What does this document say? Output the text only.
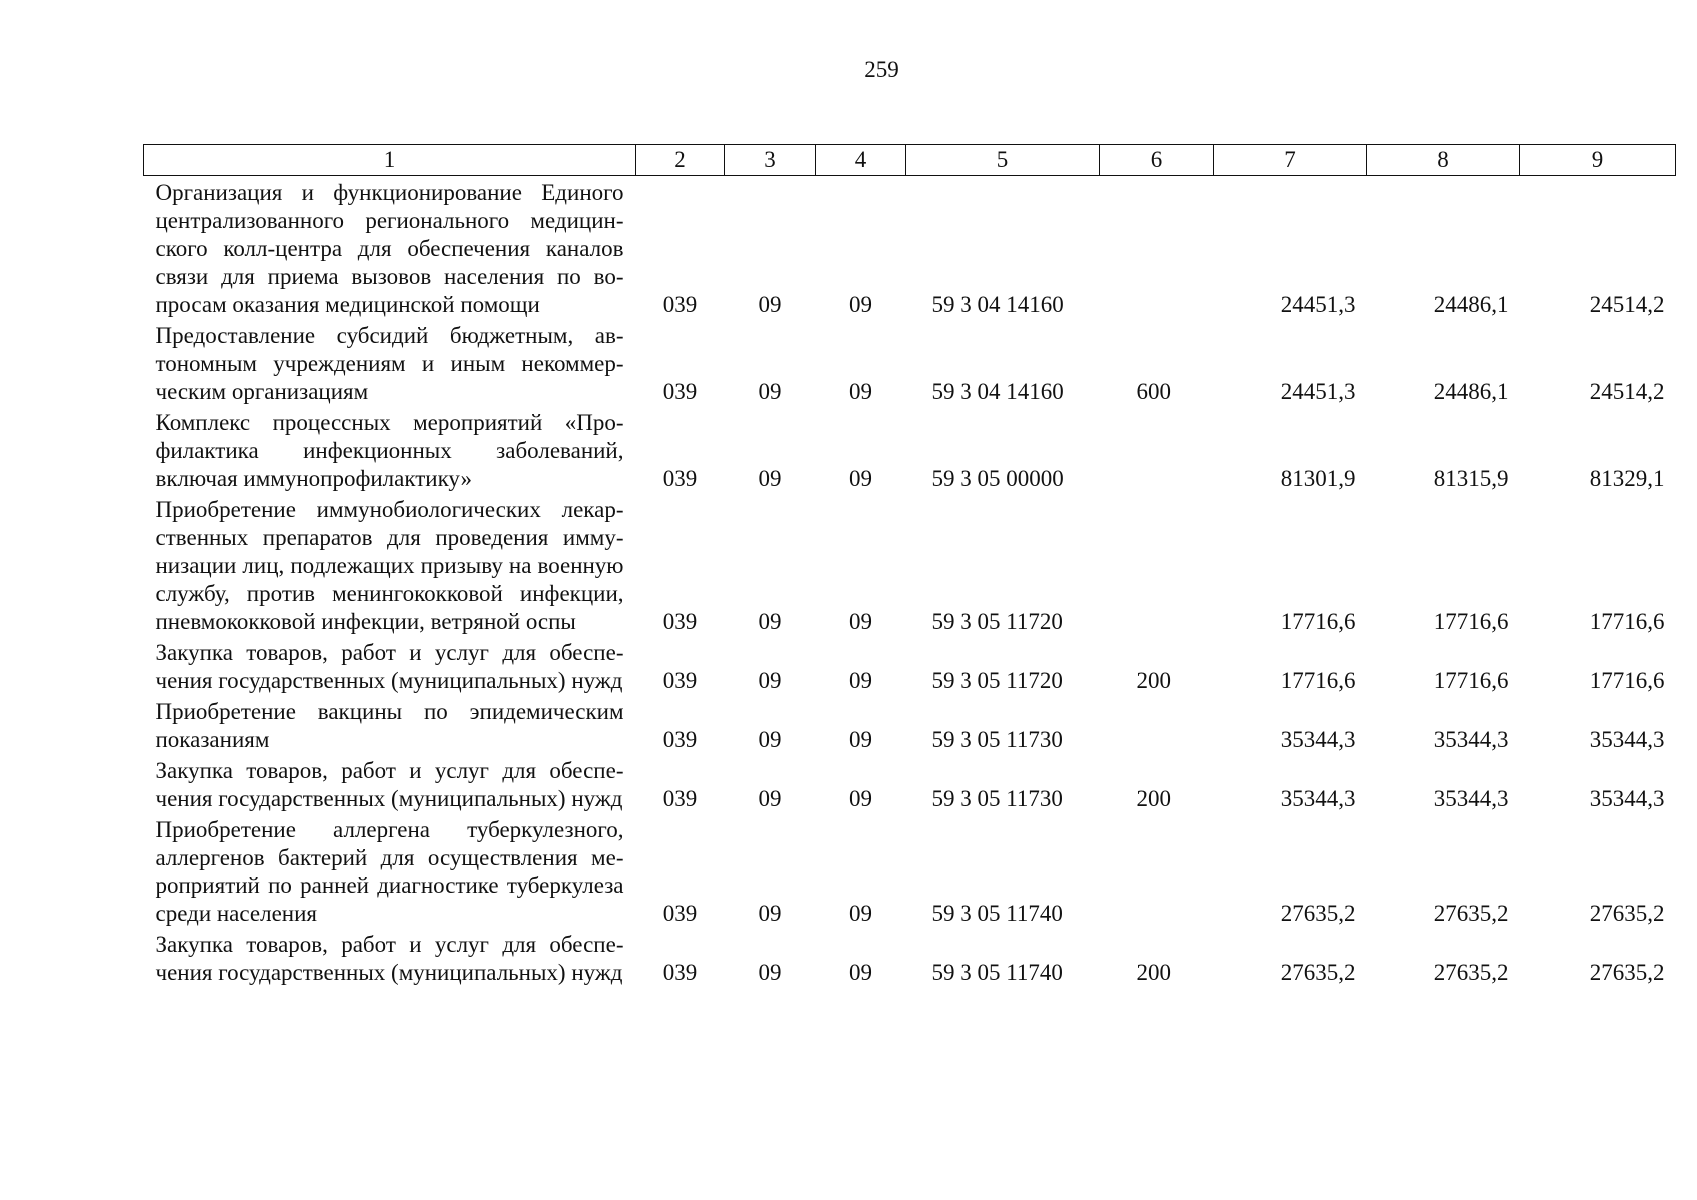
259
1	2	3	4	5	6	7	8	9
Организация и функционирование Единого централизованного регионального медицинского колл-центра для обеспечения каналов связи для приема вызовов населения по вопросам оказания медицинской помощи	039	09	09	59 3 04 14160		24451,3	24486,1	24514,2
Предоставление субсидий бюджетным, автономным учреждениям и иным некоммерческим организациям	039	09	09	59 3 04 14160	600	24451,3	24486,1	24514,2
Комплекс процессных мероприятий «Профилактика инфекционных заболеваний, включая иммунопрофилактику»	039	09	09	59 3 05 00000		81301,9	81315,9	81329,1
Приобретение иммунобиологических лекарственных препаратов для проведения иммунизации лиц, подлежащих призыву на военную службу, против менингококковой инфекции, пневмококковой инфекции, ветряной оспы	039	09	09	59 3 05 11720		17716,6	17716,6	17716,6
Закупка товаров, работ и услуг для обеспечения государственных (муниципальных) нужд	039	09	09	59 3 05 11720	200	17716,6	17716,6	17716,6
Приобретение вакцины по эпидемическим показаниям	039	09	09	59 3 05 11730		35344,3	35344,3	35344,3
Закупка товаров, работ и услуг для обеспечения государственных (муниципальных) нужд	039	09	09	59 3 05 11730	200	35344,3	35344,3	35344,3
Приобретение аллергена туберкулезного, аллергенов бактерий для осуществления мероприятий по ранней диагностике туберкулеза среди населения	039	09	09	59 3 05 11740		27635,2	27635,2	27635,2
Закупка товаров, работ и услуг для обеспечения государственных (муниципальных) нужд	039	09	09	59 3 05 11740	200	27635,2	27635,2	27635,2
